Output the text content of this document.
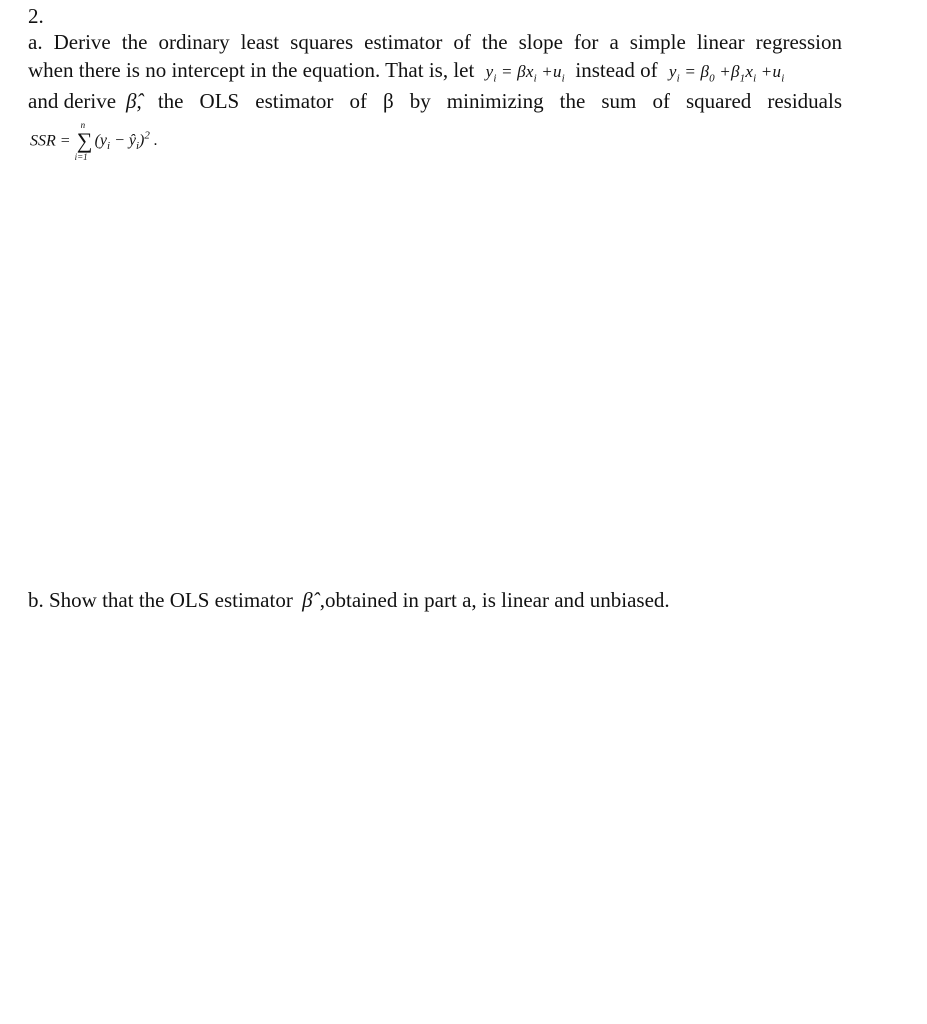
2.
a. Derive the ordinary least squares estimator of the slope for a simple linear regression
when there is no intercept in the equation. That is, let $y_i = \beta x_i +u_i$ instead of $y_i = \beta_0 +\beta_1x_i +u_i$
and derive β̂ , the OLS estimator of β by minimizing the sum of squared residuals
SSR =
n
∑
i=1
($y_i$ − $ŷ_i)^2$ .
b. Show that the OLS estimator β̂ ,obtained in part a, is linear and unbiased.
